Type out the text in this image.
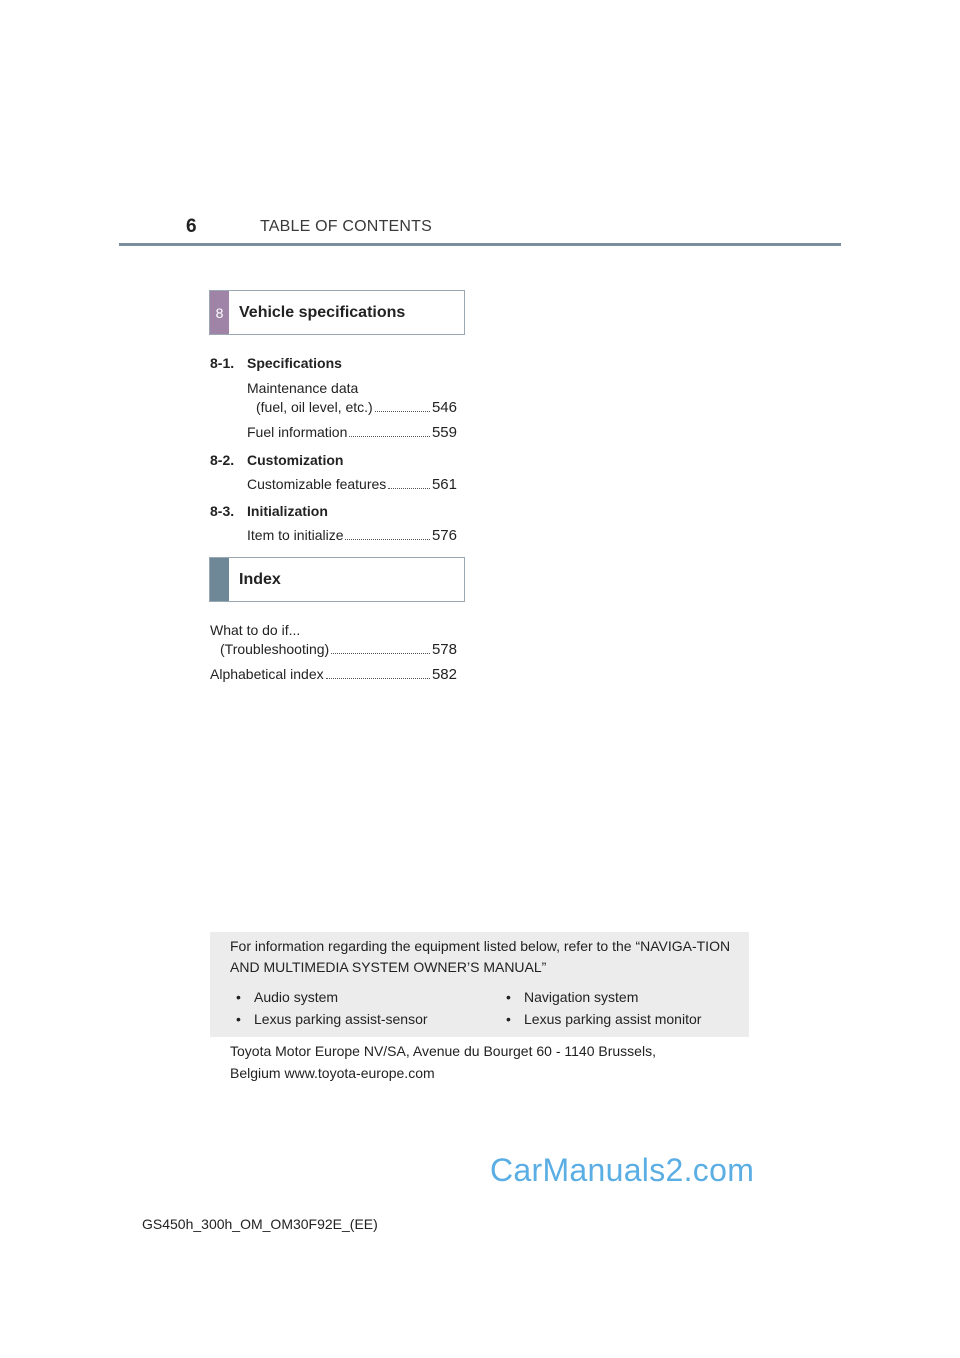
6	TABLE OF CONTENTS
8 Vehicle specifications
8-1. Specifications
Maintenance data
(fuel, oil level, etc.)	546
Fuel information	559
8-2. Customization
Customizable features	561
8-3. Initialization
Item to initialize	576
Index
What to do if...
(Troubleshooting)	578
Alphabetical index	582
For information regarding the equipment listed below, refer to the “NAVIGA-TION AND MULTIMEDIA SYSTEM OWNER’S MANUAL”
• Audio system	• Navigation system
• Lexus parking assist-sensor	• Lexus parking assist monitor
Toyota Motor Europe NV/SA, Avenue du Bourget 60 - 1140 Brussels,
Belgium www.toyota-europe.com
CarManuals2.com
GS450h_300h_OM_OM30F92E_(EE)
